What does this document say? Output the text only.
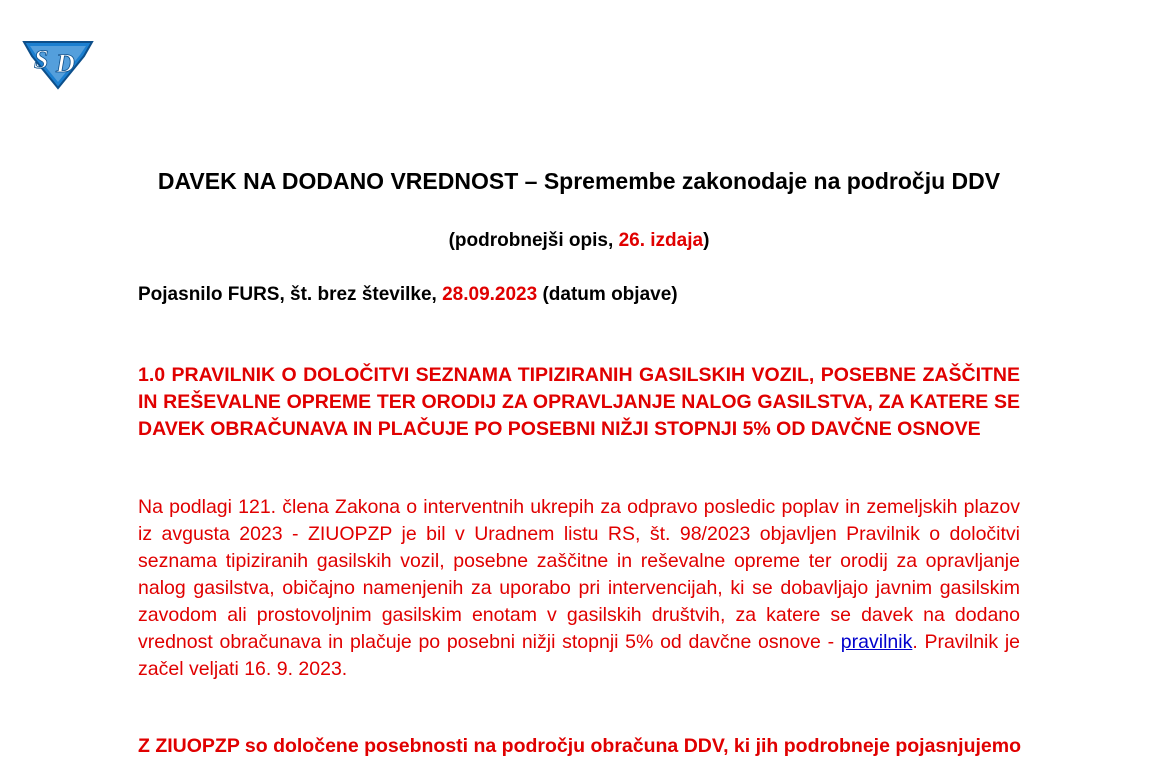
S D
DAVEK NA DODANO VREDNOST – Spremembe zakonodaje na področju DDV
(podrobnejši opis, 26. izdaja)
Pojasnilo FURS, št. brez številke, 28.09.2023 (datum objave)
1.0 PRAVILNIK O DOLOČITVI SEZNAMA TIPIZIRANIH GASILSKIH VOZIL, POSEBNE ZAŠČITNE IN REŠEVALNE OPREME TER ORODIJ ZA OPRAVLJANJE NALOG GASILSTVA, ZA KATERE SE DAVEK OBRAČUNAVA IN PLAČUJE PO POSEBNI NIŽJI STOPNJI 5% OD DAVČNE OSNOVE
Na podlagi 121. člena Zakona o interventnih ukrepih za odpravo posledic poplav in zemeljskih plazov iz avgusta 2023 - ZIUOPZP je bil v Uradnem listu RS, št. 98/2023 objavljen Pravilnik o določitvi seznama tipiziranih gasilskih vozil, posebne zaščitne in reševalne opreme ter orodij za opravljanje nalog gasilstva, običajno namenjenih za uporabo pri intervencijah, ki se dobavljajo javnim gasilskim zavodom ali prostovoljnim gasilskim enotam v gasilskih društvih, za katere se davek na dodano vrednost obračunava in plačuje po posebni nižji stopnji 5% od davčne osnove - pravilnik. Pravilnik je začel veljati 16. 9. 2023.
Z ZIUOPZP so določene posebnosti na področju obračuna DDV, ki jih podrobneje pojasnjujemo
